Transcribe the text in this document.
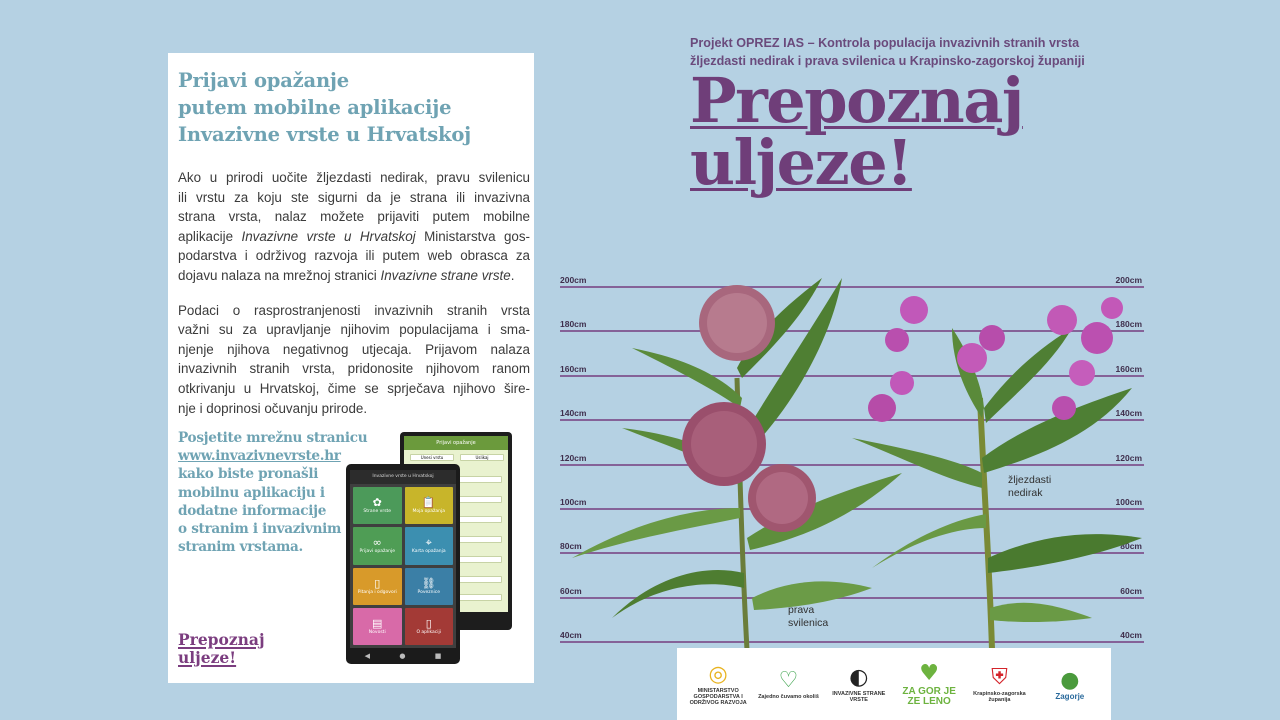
Prijavi opažanje
putem mobilne aplikacije
Invazivne vrste u Hrvatskoj

Ako u prirodi uočite žljezdasti nedirak, pravu svilenicu
ili vrstu za koju ste sigurni da je strana ili invazivna
strana vrsta, nalaz možete prijaviti putem mobilne
aplikacije Invazivne vrste u Hrvatskoj Ministarstva gos-
podarstva i održivog razvoja ili putem web obrasca za
dojavu nalaza na mrežnoj stranici Invazivne strane vrste.

Podaci o rasprostranjenosti invazivnih stranih vrsta
važni su za upravljanje njihovim populacijama i sma-
njenje njihova negativnog utjecaja. Prijavom nalaza
invazivnih stranih vrsta, pridonosite njihovom ranom
otkrivanju u Hrvatskoj, čime se sprječava njihovo šire-
nje i doprinosi očuvanju prirode.

Posjetite mrežnu stranicu
www.invazivnevrste.hr
kako biste pronašli
mobilnu aplikaciju i
dodatne informacije
o stranim i invazivnim
stranim vrstama.
Prijavi opažanje
Unesi vrstu	Uslikaj
Invazivne vrste u Hrvatskoj
✿
Strane vrste
📋
Moja opažanja
∞
Prijavi opažanje
⌖
Karta opažanja
▯
Pitanja i odgovori
⛓
Poveznice
▤
Novosti
▯
O aplikaciji
◀	●	■
Prepoznaj
uljeze!
Projekt OPREZ IAS – Kontrola populacija invazivnih stranih vrsta
žljezdasti nedirak i prava svilenica u Krapinsko-zagorskoj županiji
Prepoznaj
uljeze!
200cm	200cm
180cm	180cm
160cm	160cm
140cm	140cm
120cm	120cm
100cm	100cm
80cm	80cm
60cm	60cm
40cm	40cm
žljezdasti
nedirak
prava
svilenica
◎
MINISTARSTVO GOSPODARSTVA I ODRŽIVOG RAZVOJA
♡
Zajedno čuvamo okoliš
◐
INVAZIVNE STRANE VRSTE
♥
ZA GOR JE ZE LENO
⛨
Krapinsko-zagorska županija
●
Zagorje
